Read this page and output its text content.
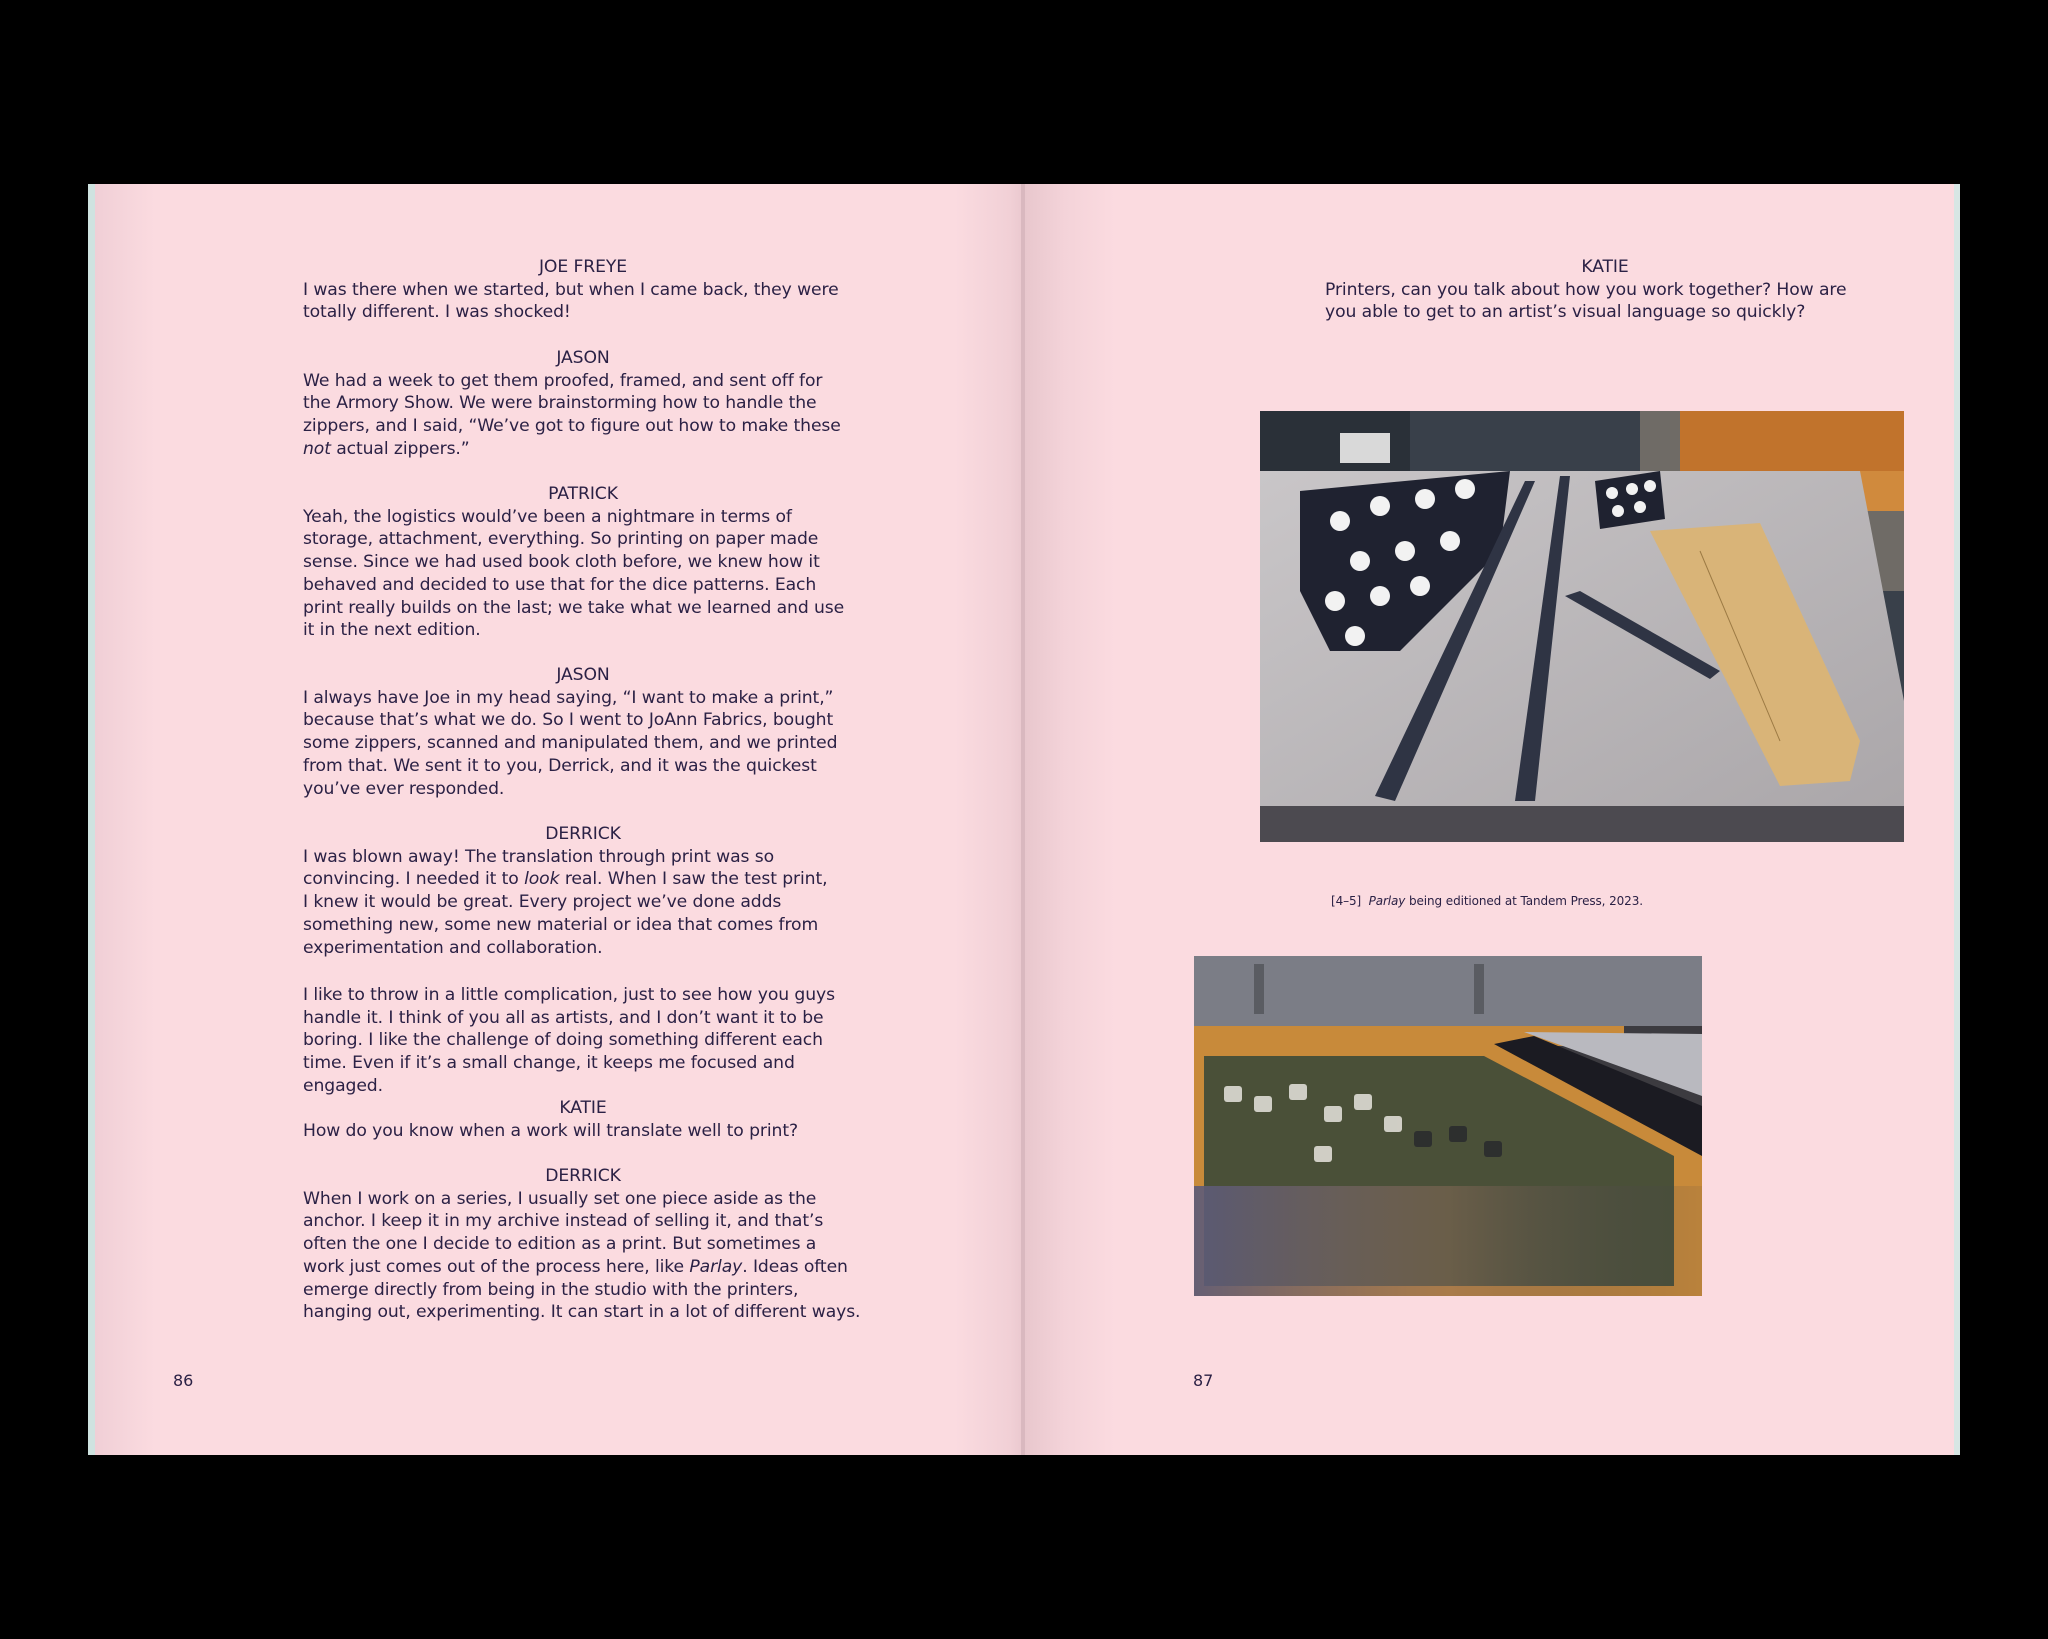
JOE FREYE

I was there when we started, but when I came back, they were

totally different. I was shocked!

JASON

We had a week to get them proofed, framed, and sent off for

the Armory Show. We were brainstorming how to handle the

zippers, and I said, “We’ve got to figure out how to make these

not actual zippers.”

PATRICK

Yeah, the logistics would’ve been a nightmare in terms of

storage, attachment, everything. So printing on paper made

sense. Since we had used book cloth before, we knew how it

behaved and decided to use that for the dice patterns. Each

print really builds on the last; we take what we learned and use

it in the next edition.

JASON

I always have Joe in my head saying, “I want to make a print,”

because that’s what we do. So I went to JoAnn Fabrics, bought

some zippers, scanned and manipulated them, and we printed

from that. We sent it to you, Derrick, and it was the quickest

you’ve ever responded.

DERRICK

I was blown away! The translation through print was so

convincing. I needed it to look real. When I saw the test print,

I knew it would be great. Every project we’ve done adds

something new, some new material or idea that comes from

experimentation and collaboration.

I like to throw in a little complication, just to see how you guys

handle it. I think of you all as artists, and I don’t want it to be

boring. I like the challenge of doing something different each

time. Even if it’s a small change, it keeps me focused and engaged.

KATIE

How do you know when a work will translate well to print?

DERRICK

When I work on a series, I usually set one piece aside as the

anchor. I keep it in my archive instead of selling it, and that’s

often the one I decide to edition as a print. But sometimes a

work just comes out of the process here, like Parlay. Ideas often

emerge directly from being in the studio with the printers,

hanging out, experimenting. It can start in a lot of different ways.

86

KATIE

Printers, can you talk about how you work together? How are

you able to get to an artist’s visual language so quickly?

[4–5] Parlay being editioned at Tandem Press, 2023.
87
